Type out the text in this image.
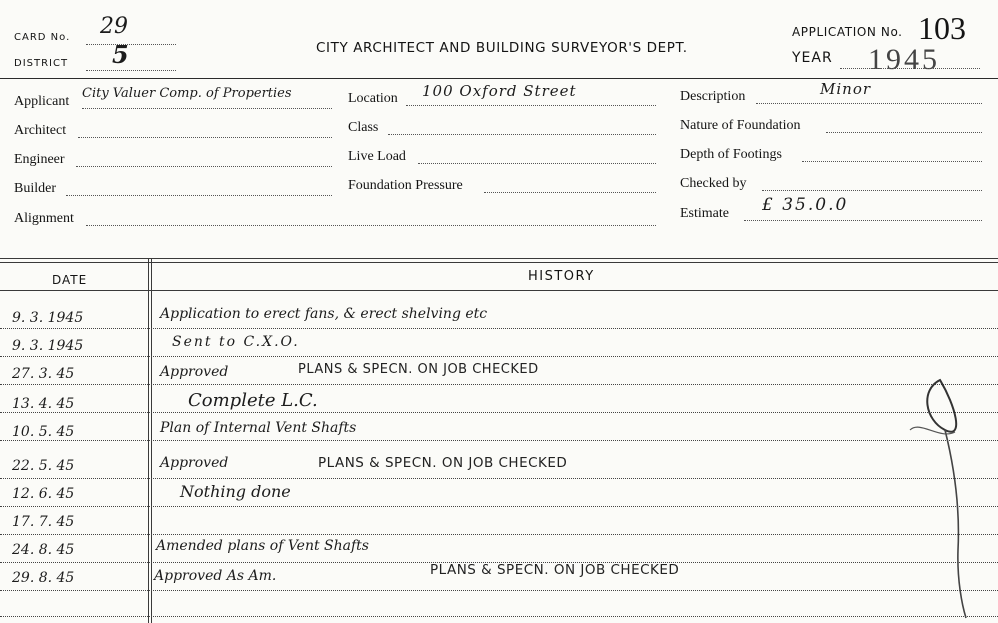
CARD No. 29
DISTRICT 5	CITY ARCHITECT AND BUILDING SURVEYOR'S DEPT.
APPLICATION No. 103
YEAR 1945
Applicant
City Valuer Comp. of Properties
Architect
Engineer
Builder
Alignment
Location 100 Oxford Street
Class
Live Load
Foundation Pressure
Description	Minor
Nature of Foundation
Depth of Footings
Checked by
Estimate £ 35.0.0
DATE	HISTORY
9. 3. 1945	Application to erect fans, & erect shelving etc
9. 3. 1945	Sent to C.X.O.
27. 3. 45	Approved	PLANS & SPECN. ON JOB CHECKED
13. 4. 45	Complete L.C.
10. 5. 45	Plan of Internal Vent Shafts
22. 5. 45	Approved	PLANS & SPECN. ON JOB CHECKED
12. 6. 45	Nothing done
17. 7. 45
24. 8. 45	Amended plans of Vent Shafts
29. 8. 45	Approved As Am.	PLANS & SPECN. ON JOB CHECKED
